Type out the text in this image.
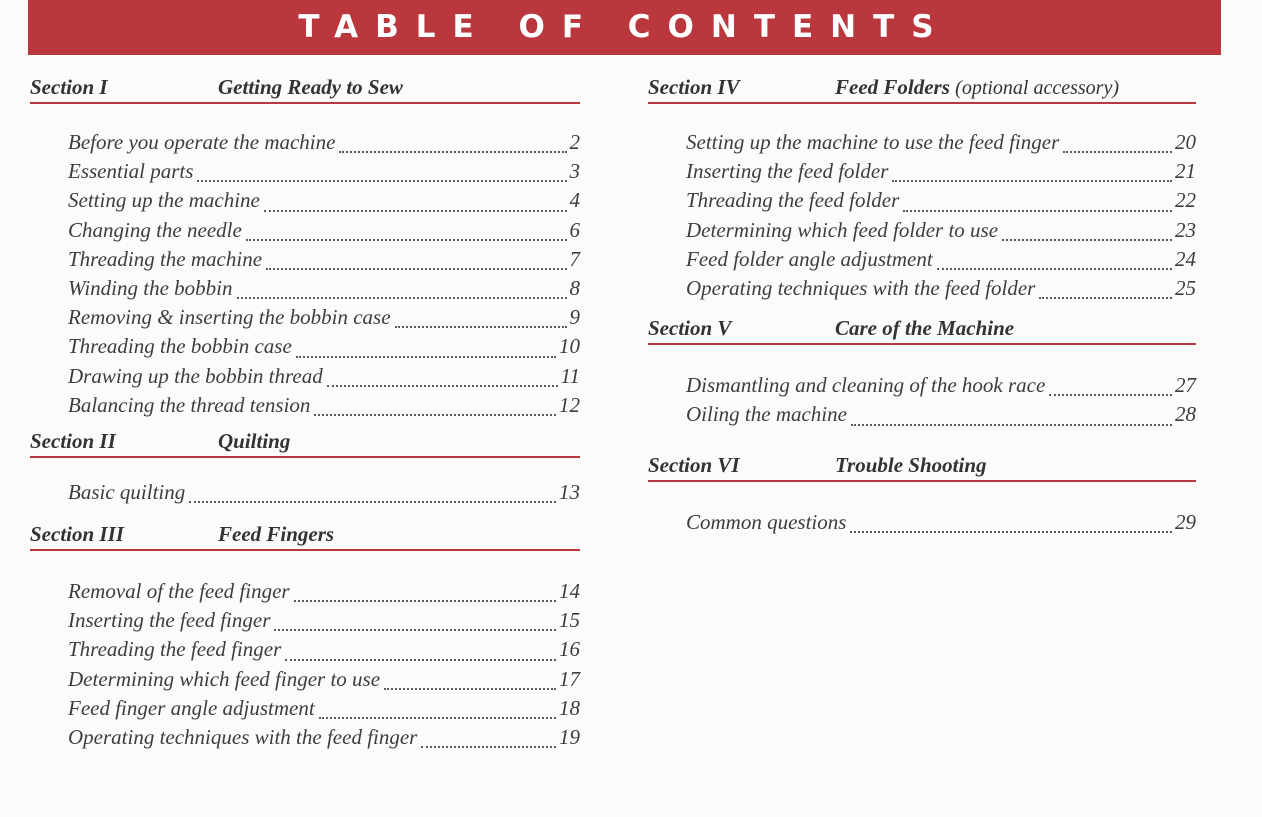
TABLE OF CONTENTS
Section I	Getting Ready to Sew
Before you operate the machine	2
Essential parts	3
Setting up the machine	4
Changing the needle	6
Threading the machine	7
Winding the bobbin	8
Removing & inserting the bobbin case	9
Threading the bobbin case	10
Drawing up the bobbin thread	11
Balancing the thread tension	12
Section II	Quilting
Basic quilting	13
Section III	Feed Fingers
Removal of the feed finger	14
Inserting the feed finger	15
Threading the feed finger	16
Determining which feed finger to use	17
Feed finger angle adjustment	18
Operating techniques with the feed finger	19
Section IV	Feed Folders (optional accessory)
Setting up the machine to use the feed finger	20
Inserting the feed folder	21
Threading the feed folder	22
Determining which feed folder to use	23
Feed folder angle adjustment	24
Operating techniques with the feed folder	25
Section V	Care of the Machine
Dismantling and cleaning of the hook race	27
Oiling the machine	28
Section VI	Trouble Shooting
Common questions	29
